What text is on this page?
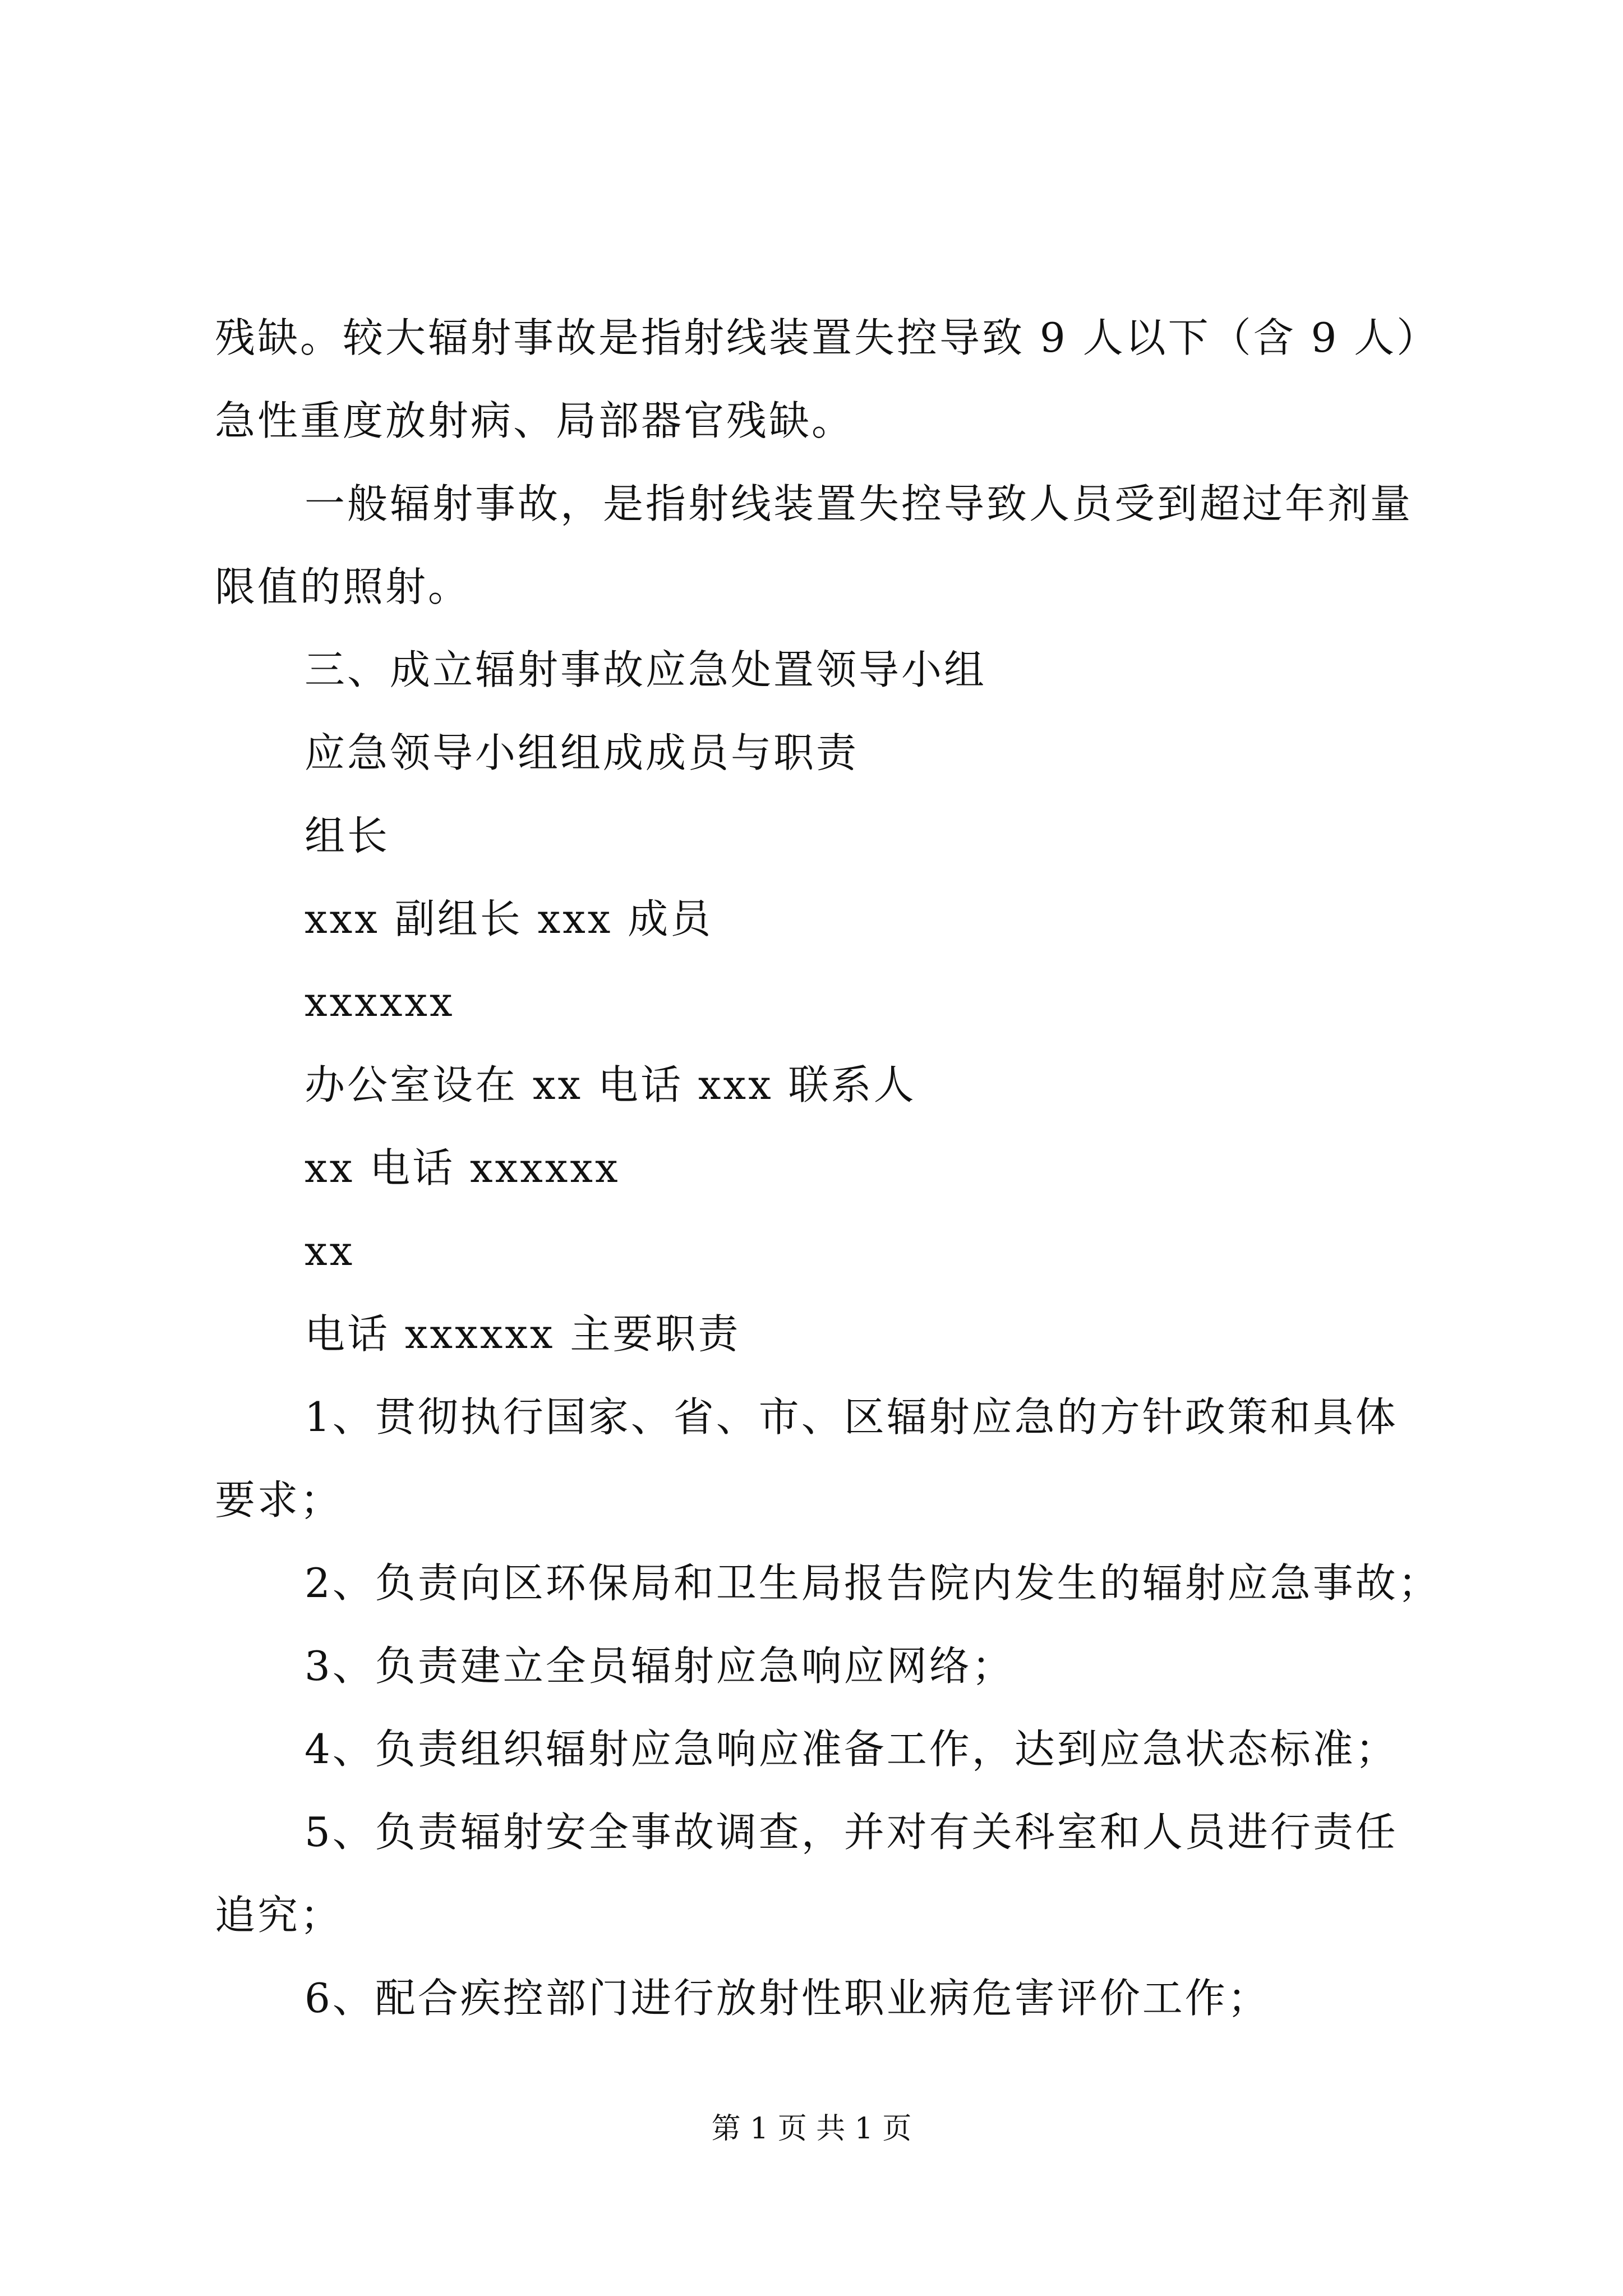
残缺。较大辐射事故是指射线装置失控导致 9 人以下（含 9 人）
急性重度放射病、局部器官残缺。
一般辐射事故，是指射线装置失控导致人员受到超过年剂量
限值的照射。
三、成立辐射事故应急处置领导小组
应急领导小组组成成员与职责
组长
xxx 副组长 xxx 成员
xxxxxx
办公室设在 xx 电话 xxx 联系人
xx 电话 xxxxxx
xx
电话 xxxxxx 主要职责
1、贯彻执行国家、省、市、区辐射应急的方针政策和具体
要求；
2、负责向区环保局和卫生局报告院内发生的辐射应急事故；
3、负责建立全员辐射应急响应网络；
4、负责组织辐射应急响应准备工作，达到应急状态标准；
5、负责辐射安全事故调查，并对有关科室和人员进行责任
追究；
6、配合疾控部门进行放射性职业病危害评价工作；
第 1 页 共 1 页
